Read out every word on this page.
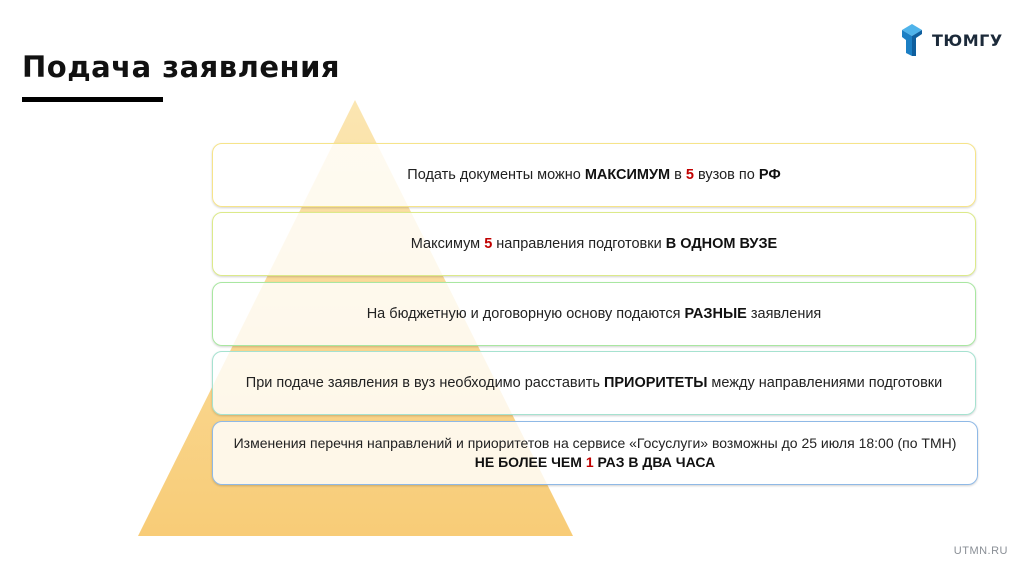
Подача заявления
ТЮМГУ
Подать документы можно МАКСИМУМ в 5 вузов по РФ
Максимум 5 направления подготовки В ОДНОМ ВУЗЕ
На бюджетную и договорную основу подаются РАЗНЫЕ заявления
При подаче заявления в вуз необходимо расставить ПРИОРИТЕТЫ между направлениями подготовки
Изменения перечня направлений и приоритетов на сервисе «Госуслуги» возможны до 25 июля 18:00 (по ТМН) НЕ БОЛЕЕ ЧЕМ 1 РАЗ В ДВА ЧАСА
UTMN.RU
